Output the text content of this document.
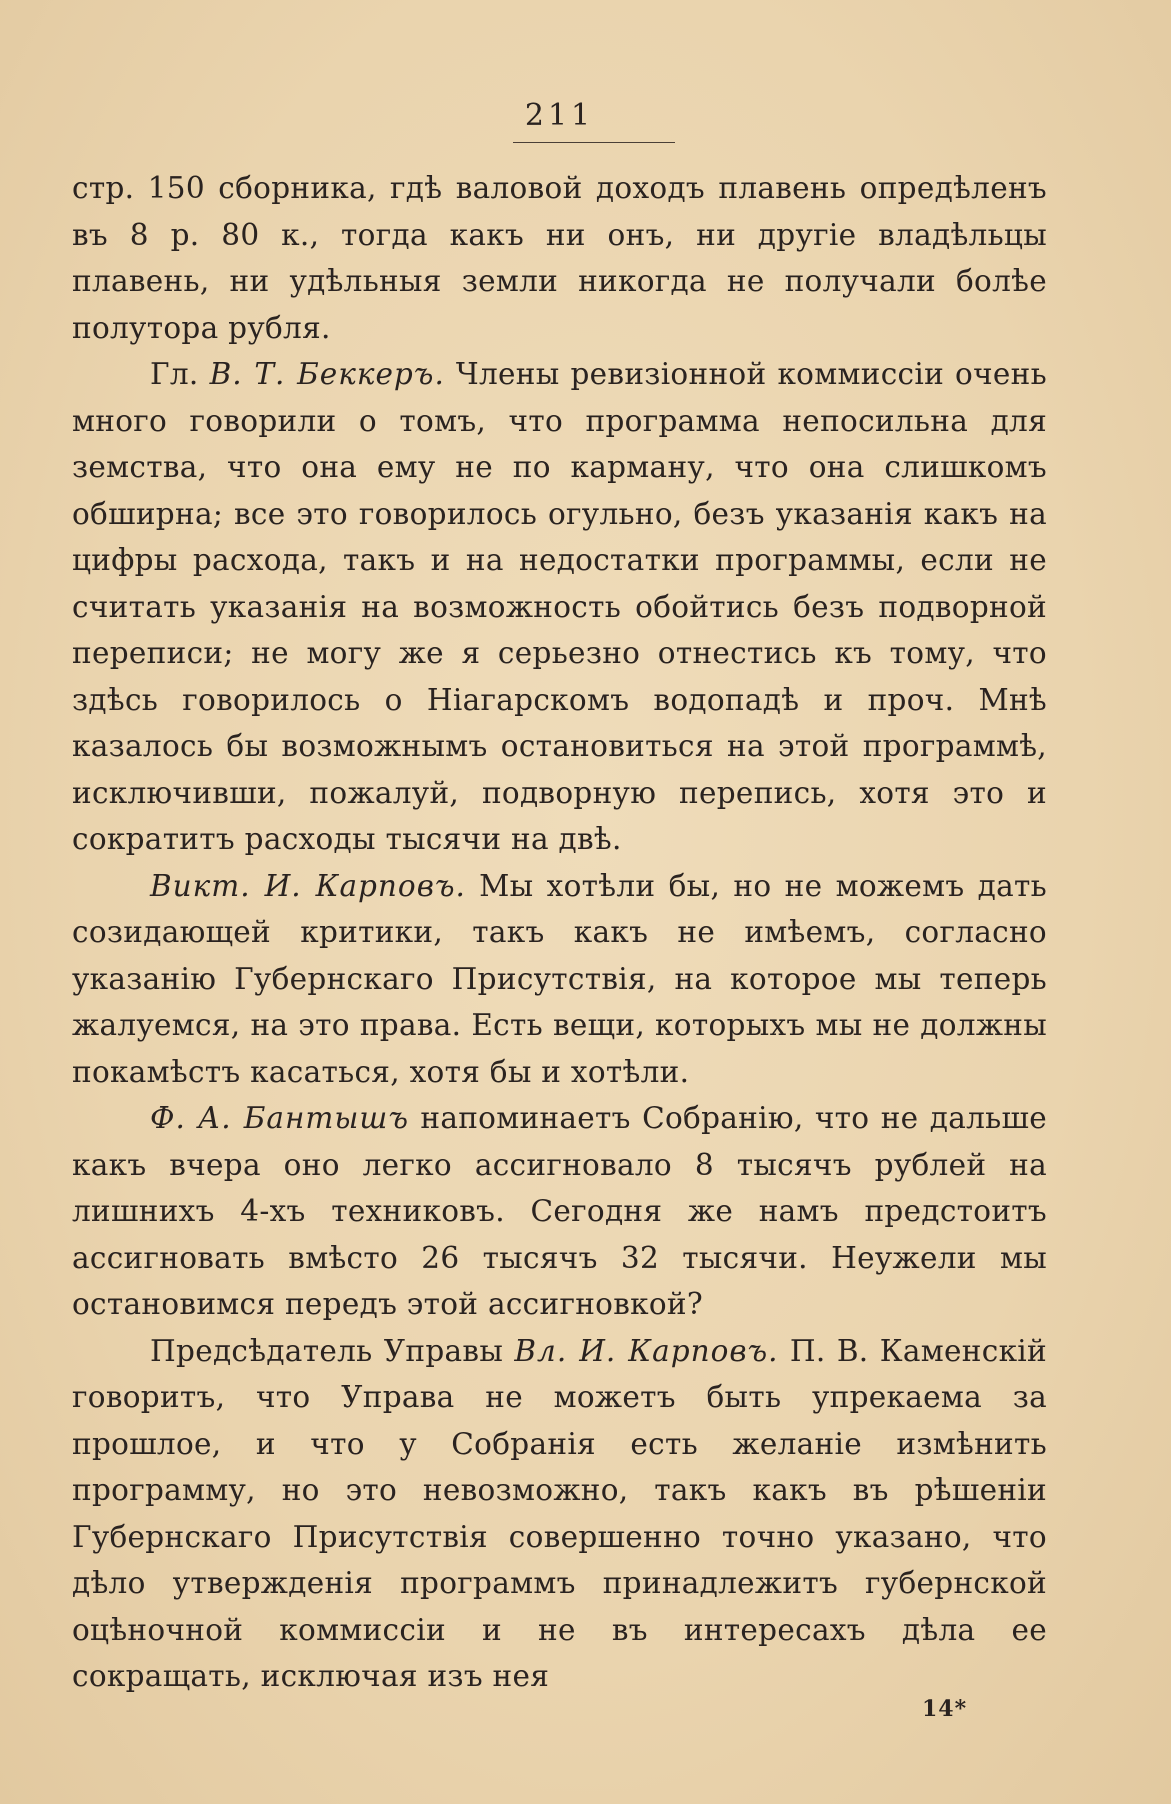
211

стр. 150 сборника, гдѣ валовой доходъ плавень опредѣленъ въ 8 р. 80 к., тогда какъ ни онъ, ни другіе владѣльцы плавень, ни удѣльныя земли никогда не получали болѣе полутора рубля.

Гл. В. Т. Беккеръ. Члены ревизіонной коммиссіи очень много говорили о томъ, что программа непосильна для земства, что она ему не по карману, что она слишкомъ обширна; все это говорилось огульно, безъ указанія какъ на цифры расхода, такъ и на недостатки программы, если не считать указанія на возможность обойтись безъ подворной переписи; не могу же я серьезно отнестись къ тому, что здѣсь говорилось о Ніагарскомъ водопадѣ и проч. Мнѣ казалось бы возможнымъ остановиться на этой программѣ, исключивши, пожалуй, подворную перепись, хотя это и сократитъ расходы тысячи на двѣ.

Викт. И. Карповъ. Мы хотѣли бы, но не можемъ дать созидающей критики, такъ какъ не имѣемъ, согласно указанію Губернскаго Присутствія, на которое мы теперь жалуемся, на это права. Есть вещи, которыхъ мы не должны покамѣстъ касаться, хотя бы и хотѣли.

Ф. А. Бантышъ напоминаетъ Собранію, что не дальше какъ вчера оно легко ассигновало 8 тысячъ рублей на лишнихъ 4-хъ техниковъ. Сегодня же намъ предстоитъ ассигновать вмѣсто 26 тысячъ 32 тысячи. Неужели мы остановимся передъ этой ассигновкой?

Предсѣдатель Управы Вл. И. Карповъ. П. В. Каменскій говоритъ, что Управа не можетъ быть упрекаема за прошлое, и что у Собранія есть желаніе измѣнить программу, но это невозможно, такъ какъ въ рѣшеніи Губернскаго Присутствія совершенно точно указано, что дѣло утвержденія программъ принадлежитъ губернской оцѣночной коммиссіи и не въ интересахъ дѣла ее сокращать, исключая изъ нея

14*
